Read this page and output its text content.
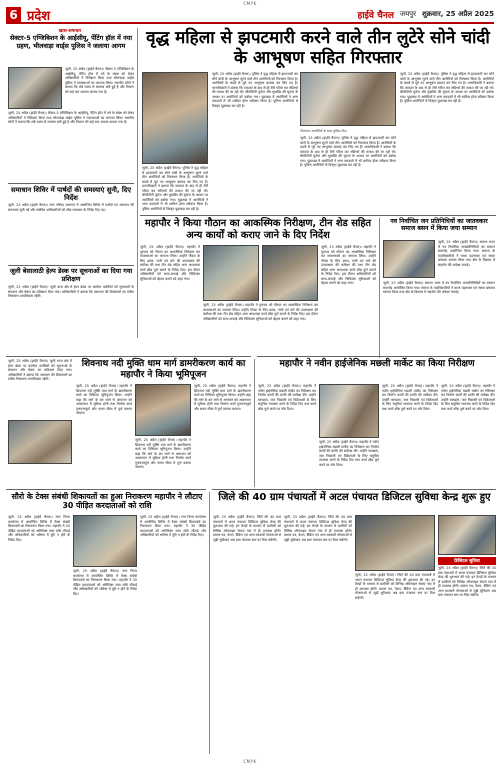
CMYK
6 प्रदेश	हाईवे चैनल जयपुर शुक्रवार, 25 अप्रैल 2025
खास-समाचार
सेक्टर-5 एग्जिबिशन के आईसीयू, पेंटिंग हॉल में नया ग्रहण, भीलवाड़ा वार्ड्स पुलिस ने जलाया आगम
जूली, 25 अप्रैल (हाईवे चैनल)। सैक्टर-5 एग्जिबिशन के आईसीयू, पेंटिंग हॉल में नये के संबंध को लेकर अधिकारियों ने निरीक्षण किया तथा भीलवाड़ा वार्ड्स पुलिस ने व्यवस्थाओं का जायजा लिया। स्थानीय लोगों ने बताया कि लंबे समय से समस्या बनी हुई है और विभाग को कई बार अवगत कराया गया है।
जूली, 25 अप्रैल (हाईवे चैनल)। सैक्टर-5 एग्जिबिशन के आईसीयू, पेंटिंग हॉल में नये के संबंध को लेकर अधिकारियों ने निरीक्षण किया तथा भीलवाड़ा वार्ड्स पुलिस ने व्यवस्थाओं का जायजा लिया। स्थानीय लोगों ने बताया कि लंबे समय से समस्या बनी हुई है और विभाग को कई बार अवगत कराया गया है।
समाधान शिविर में पार्षदों की समस्याएं सुनी, दिए निर्देश
जूली, 25 अप्रैल (हाईवे चैनल)। नगर परिषद सभागार में आयोजित शिविर में पार्षदों एवं आमजन की समस्याएं सुनी गईं और संबंधित अधिकारियों को शीघ्र समाधान के निर्देश दिए गए।
जूली बेसालाठी हेल्प डेस्क पर सूचनाओं का दिया गया प्रशिक्षण
जूली, 25 अप्रैल (हाईवे चैनल)। जूली थाना क्षेत्र में हेल्प डेस्क पर कार्यरत कार्मिकों को सूचनाओं के संकलन और प्रेषण का प्रशिक्षण दिया गया। अधिकारियों ने बताया कि आमजन की शिकायतों का त्वरित निस्तारण प्राथमिकता रहेगी।
वृद्ध महिला से झपटमारी करने वाले तीन लुटेरे सोने चांदी के आभूषण सहित गिरफ्तार
जूली, 25 अप्रैल (हाईवे चैनल)। पुलिस ने वृद्ध महिला से झपटमारी कर सोने चांदी के आभूषण लूटने वाले तीन आरोपियों को गिरफ्तार किया है। आरोपियों के कब्जे से लूटे गए आभूषण बरामद कर लिए गए हैं। थानाधिकारी ने बताया कि वारदात के बाद से ही टीमें गठित कर संदिग्धों की तलाश की जा रही थी। सीसीटीवी फुटेज और मुखबिर की सूचना के आधार पर आरोपियों को दबोचा गया। पूछताछ में आरोपियों ने अन्य वारदातों में भी शामिल होना स्वीकार किया है। पुलिस आरोपियों से विस्तृत पूछताछ कर रही है।
गिरफ्तार आरोपियों के साथ पुलिस टीम।
जूली, 25 अप्रैल (हाईवे चैनल)। पुलिस ने वृद्ध महिला से झपटमारी कर सोने चांदी के आभूषण लूटने वाले तीन आरोपियों को गिरफ्तार किया है। आरोपियों के कब्जे से लूटे गए आभूषण बरामद कर लिए गए हैं। थानाधिकारी ने बताया कि वारदात के बाद से ही टीमें गठित कर संदिग्धों की तलाश की जा रही थी। सीसीटीवी फुटेज और मुखबिर की सूचना के आधार पर आरोपियों को दबोचा गया। पूछताछ में आरोपियों ने अन्य वारदातों में भी शामिल होना स्वीकार किया है। पुलिस आरोपियों से विस्तृत पूछताछ कर रही है।
जूली, 25 अप्रैल (हाईवे चैनल)। पुलिस ने वृद्ध महिला से झपटमारी कर सोने चांदी के आभूषण लूटने वाले तीन आरोपियों को गिरफ्तार किया है। आरोपियों के कब्जे से लूटे गए आभूषण बरामद कर लिए गए हैं। थानाधिकारी ने बताया कि वारदात के बाद से ही टीमें गठित कर संदिग्धों की तलाश की जा रही थी। सीसीटीवी फुटेज और मुखबिर की सूचना के आधार पर आरोपियों को दबोचा गया। पूछताछ में आरोपियों ने अन्य वारदातों में भी शामिल होना स्वीकार किया है। पुलिस आरोपियों से विस्तृत पूछताछ कर रही है।
जूली, 25 अप्रैल (हाईवे चैनल)। पुलिस ने वृद्ध महिला से झपटमारी कर सोने चांदी के आभूषण लूटने वाले तीन आरोपियों को गिरफ्तार किया है। आरोपियों के कब्जे से लूटे गए आभूषण बरामद कर लिए गए हैं। थानाधिकारी ने बताया कि वारदात के बाद से ही टीमें गठित कर संदिग्धों की तलाश की जा रही थी। सीसीटीवी फुटेज और मुखबिर की सूचना के आधार पर आरोपियों को दबोचा गया। पूछताछ में आरोपियों ने अन्य वारदातों में भी शामिल होना स्वीकार किया है। पुलिस आरोपियों से विस्तृत पूछताछ कर रही है।
महापौर ने किया गौठान का आकस्मिक निरीक्षण, टीन शेड सहित अन्य कार्यों को कराए जाने के दिए निर्देश
जूली, 25 अप्रैल (हाईवे चैनल)। महापौर ने गुरुवार को गौठान का आकस्मिक निरीक्षण कर व्यवस्थाओं का जायजा लिया। उन्होंने गौवंश के लिए छाया, पानी एवं चारे की उपलब्धता की समीक्षा की तथा टीन शेड सहित अन्य आवश्यक कार्य शीघ्र पूर्ण कराने के निर्देश दिए। इस दौरान अधिकारियों को साफ-सफाई और चिकित्सा सुविधाओं को बेहतर बनाने को कहा गया।
जूली, 25 अप्रैल (हाईवे चैनल)। महापौर ने गुरुवार को गौठान का आकस्मिक निरीक्षण कर व्यवस्थाओं का जायजा लिया। उन्होंने गौवंश के लिए छाया, पानी एवं चारे की उपलब्धता की समीक्षा की तथा टीन शेड सहित अन्य आवश्यक कार्य शीघ्र पूर्ण कराने के निर्देश दिए। इस दौरान अधिकारियों को साफ-सफाई और चिकित्सा सुविधाओं को बेहतर बनाने को कहा गया।
जूली, 25 अप्रैल (हाईवे चैनल)। महापौर ने गुरुवार को गौठान का आकस्मिक निरीक्षण कर व्यवस्थाओं का जायजा लिया। उन्होंने गौवंश के लिए छाया, पानी एवं चारे की उपलब्धता की समीक्षा की तथा टीन शेड सहित अन्य आवश्यक कार्य शीघ्र पूर्ण कराने के निर्देश दिए। इस दौरान अधिकारियों को साफ-सफाई और चिकित्सा सुविधाओं को बेहतर बनाने को कहा गया।
नव निर्वाचित जन प्रतिनिधियों का जातवकार समाज बसन में किया जया सम्मान
जूली, 25 अप्रैल (हाईवे चैनल)। समाज भवन में नव निर्वाचित जनप्रतिनिधियों का सम्मान समारोह आयोजित किया गया। समाज के पदाधिकारियों ने माला पहनाकर एवं साफा बांधकर स्वागत किया तथा क्षेत्र के विकास में सहयोग की अपेक्षा जताई।
जूली, 25 अप्रैल (हाईवे चैनल)। समाज भवन में नव निर्वाचित जनप्रतिनिधियों का सम्मान समारोह आयोजित किया गया। समाज के पदाधिकारियों ने माला पहनाकर एवं साफा बांधकर स्वागत किया तथा क्षेत्र के विकास में सहयोग की अपेक्षा जताई।
जूली, 25 अप्रैल (हाईवे चैनल)। जूली थाना क्षेत्र में हेल्प डेस्क पर कार्यरत कार्मिकों को सूचनाओं के संकलन और प्रेषण का प्रशिक्षण दिया गया। अधिकारियों ने बताया कि आमजन की शिकायतों का त्वरित निस्तारण प्राथमिकता रहेगी।
शिवनाथ नदी मुक्ति धाम मार्ग डामरीकरण कार्य का महापौर ने किया भूमिपूजन
जूली, 25 अप्रैल (हाईवे चैनल)। महापौर ने शिवनाथ नदी मुक्ति धाम मार्ग के डामरीकरण कार्य का विधिवत भूमिपूजन किया। उन्होंने कहा कि मार्ग के बन जाने से आमजन को आवागमन में सुविधा होगी तथा निर्माण कार्य गुणवत्तापूर्ण और समय सीमा में पूर्ण कराया जाएगा।
जूली, 25 अप्रैल (हाईवे चैनल)। महापौर ने शिवनाथ नदी मुक्ति धाम मार्ग के डामरीकरण कार्य का विधिवत भूमिपूजन किया। उन्होंने कहा कि मार्ग के बन जाने से आमजन को आवागमन में सुविधा होगी तथा निर्माण कार्य गुणवत्तापूर्ण और समय सीमा में पूर्ण कराया जाएगा।
जूली, 25 अप्रैल (हाईवे चैनल)। महापौर ने शिवनाथ नदी मुक्ति धाम मार्ग के डामरीकरण कार्य का विधिवत भूमिपूजन किया। उन्होंने कहा कि मार्ग के बन जाने से आमजन को आवागमन में सुविधा होगी तथा निर्माण कार्य गुणवत्तापूर्ण और समय सीमा में पूर्ण कराया जाएगा।
महापौर ने नवीन हाईजेनिक मछली मार्केट का किया निरीक्षण
जूली, 25 अप्रैल (हाईवे चैनल)। महापौर ने नवीन हाईजेनिक मछली मार्केट का निरीक्षण कर निर्माण कार्यों की प्रगति की समीक्षा की। उन्होंने स्वच्छता, जल निकासी एवं विक्रेताओं के लिए समुचित व्यवस्था करने के निर्देश दिए तथा कार्य शीघ्र पूर्ण करने पर जोर दिया।
जूली, 25 अप्रैल (हाईवे चैनल)। महापौर ने नवीन हाईजेनिक मछली मार्केट का निरीक्षण कर निर्माण कार्यों की प्रगति की समीक्षा की। उन्होंने स्वच्छता, जल निकासी एवं विक्रेताओं के लिए समुचित व्यवस्था करने के निर्देश दिए तथा कार्य शीघ्र पूर्ण करने पर जोर दिया।
जूली, 25 अप्रैल (हाईवे चैनल)। महापौर ने नवीन हाईजेनिक मछली मार्केट का निरीक्षण कर निर्माण कार्यों की प्रगति की समीक्षा की। उन्होंने स्वच्छता, जल निकासी एवं विक्रेताओं के लिए समुचित व्यवस्था करने के निर्देश दिए तथा कार्य शीघ्र पूर्ण करने पर जोर दिया।
जूली, 25 अप्रैल (हाईवे चैनल)। महापौर ने नवीन हाईजेनिक मछली मार्केट का निरीक्षण कर निर्माण कार्यों की प्रगति की समीक्षा की। उन्होंने स्वच्छता, जल निकासी एवं विक्रेताओं के लिए समुचित व्यवस्था करने के निर्देश दिए तथा कार्य शीघ्र पूर्ण करने पर जोर दिया।
सौरो के टेक्स संबंधी शिकायतों का हुआ निराकरण महापौर ने लौटाए 30 पीड़ित करदाताओं को राशि
जूली, 25 अप्रैल (हाईवे चैनल)। नगर निगम कार्यालय में आयोजित शिविर में टैक्स संबंधी शिकायतों का निराकरण किया गया। महापौर ने 30 पीड़ित करदाताओं को अतिरिक्त जमा राशि लौटाई और अधिकारियों को भविष्य में त्रुटि न होने के निर्देश दिए।
जूली, 25 अप्रैल (हाईवे चैनल)। नगर निगम कार्यालय में आयोजित शिविर में टैक्स संबंधी शिकायतों का निराकरण किया गया। महापौर ने 30 पीड़ित करदाताओं को अतिरिक्त जमा राशि लौटाई और अधिकारियों को भविष्य में त्रुटि न होने के निर्देश दिए।
जूली, 25 अप्रैल (हाईवे चैनल)। नगर निगम कार्यालय में आयोजित शिविर में टैक्स संबंधी शिकायतों का निराकरण किया गया। महापौर ने 30 पीड़ित करदाताओं को अतिरिक्त जमा राशि लौटाई और अधिकारियों को भविष्य में त्रुटि न होने के निर्देश दिए।
जिले की 40 ग्राम पंचायतों में अटल पंचायत डिजिटल सुविधा केन्द्र शुरू हुए
जूली, 25 अप्रैल (हाईवे चैनल)। जिले की 40 ग्राम पंचायतों में अटल पंचायत डिजिटल सुविधा केन्द्र की शुरुआत की गई। इन केन्द्रों के माध्यम से ग्रामीणों को विभिन्न ऑनलाइन सेवाएं गांव में ही उपलब्ध होंगी। प्रमाण पत्र, पेंशन, बैंकिंग एवं अन्य सरकारी योजनाओं से जुड़ी सुविधाएं अब ग्राम पंचायत स्तर पर मिल सकेंगी।
जूली, 25 अप्रैल (हाईवे चैनल)। जिले की 40 ग्राम पंचायतों में अटल पंचायत डिजिटल सुविधा केन्द्र की शुरुआत की गई। इन केन्द्रों के माध्यम से ग्रामीणों को विभिन्न ऑनलाइन सेवाएं गांव में ही उपलब्ध होंगी। प्रमाण पत्र, पेंशन, बैंकिंग एवं अन्य सरकारी योजनाओं से जुड़ी सुविधाएं अब ग्राम पंचायत स्तर पर मिल सकेंगी।
जूली, 25 अप्रैल (हाईवे चैनल)। जिले की 40 ग्राम पंचायतों में अटल पंचायत डिजिटल सुविधा केन्द्र की शुरुआत की गई। इन केन्द्रों के माध्यम से ग्रामीणों को विभिन्न ऑनलाइन सेवाएं गांव में ही उपलब्ध होंगी। प्रमाण पत्र, पेंशन, बैंकिंग एवं अन्य सरकारी योजनाओं से जुड़ी सुविधाएं अब ग्राम पंचायत स्तर पर मिल सकेंगी।
डिजिटल सुविधा
जूली, 25 अप्रैल (हाईवे चैनल)। जिले की 40 ग्राम पंचायतों में अटल पंचायत डिजिटल सुविधा केन्द्र की शुरुआत की गई। इन केन्द्रों के माध्यम से ग्रामीणों को विभिन्न ऑनलाइन सेवाएं गांव में ही उपलब्ध होंगी। प्रमाण पत्र, पेंशन, बैंकिंग एवं अन्य सरकारी योजनाओं से जुड़ी सुविधाएं अब ग्राम पंचायत स्तर पर मिल सकेंगी।
CMYK
